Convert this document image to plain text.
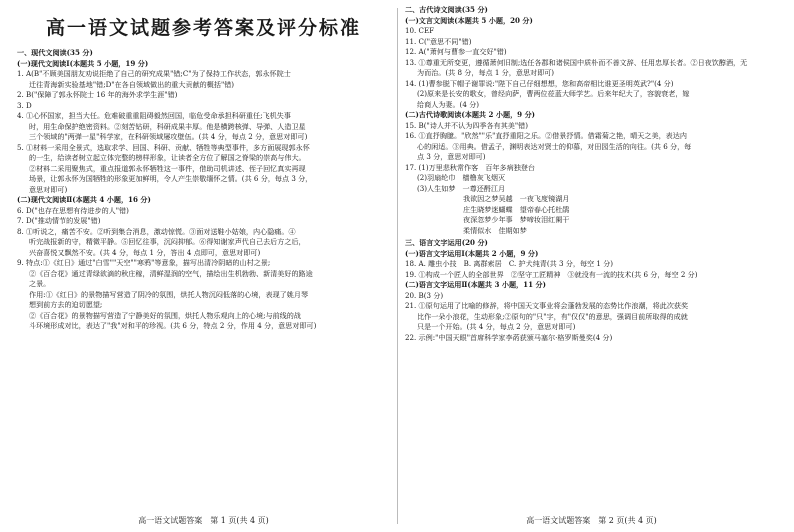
高一语文试题参考答案及评分标准
一、现代文阅读(35 分)
(一)现代文阅读Ⅰ(本题共 5 小题，19 分)
1. A(B"不顾美国朋友劝说拒绝了自己的研究成果"错;C"为了保持工作状态，郭永怀院士
迁往青海新实验基地"错;D"在各自领域做出的重大贡献的概括"错)
2. B("保障了郭永怀院士 16 年的海外求学生涯"错)
3. D
4. ①心怀国家，担当大任。危难破重重阻碍毅然回国，临危受命承担科研重任;飞机失事
时，用生命保护绝密资料。②刻苦钻研，科研成果丰厚。他是横跨核弹、导弹、人造卫星
三个领域的"两弹一星"科学家，在科研领域屡攻壁伍。(共 4 分，每点 2 分，意思对即可)
5. ①材料一采用全景式，选取求学、回国、科研、贡献、牺牲等典型事件，多方面展现郭永怀
的一生，给读者树立起立体完整的榜样形象，让读者全方位了解国之脊梁的崇高与伟大。
②材料二采用聚焦式，重点报道郭永怀牺牲这一事件，借助司机讲述、侄子回忆真实再现
场景，让郭永怀为国牺牲的形象更加鲜明，令人产生崇敬缅怀之情。(共 6 分，每点 3 分，
意思对即可)
(二)现代文阅读Ⅱ(本题共 4 小题，16 分)
6. D("也存在思想有待进步的人"错)
7. D("推动情节的发展"错)
8. ①听说之，痛苦不安。②听到集合消息，激动惊慌。③面对送鞋小姑娘，内心隐痛。④
听完战报新的守，精微平静。⑤回忆往事，沉闷抑郁。⑥得知谢家声代自己去后方之后，
兴奋喜悦又飘然不安。(共 4 分，每点 1 分，答出 4 点即可，意思对即可)
9. 特点:①《红日》通过"白雪""天空""寒鸦"等意象，描写出清冷阴暗的山村之景;
②《百合花》通过青绿欲滴的秋庄稼，清鲜湿润的空气，描绘出生机勃勃、新清美好的路途
之景。
作用:①《红日》的景物描写营造了阴冷的氛围，烘托人物沉闷低落的心境，表现了姚月琴
想到前方去的迫切愿望;
②《百合花》的景物描写营造了宁静美好的氛围，烘托人物乐观向上的心境;与前线的战
斗环境形成对比，表达了"我"对和平的珍视。(共 6 分，特点 2 分，作用 4 分，意思对即可)
高一语文试题答案　第 1 页(共 4 页)
二、古代诗文阅读(35 分)
(一)文言文阅读(本题共 5 小题，20 分)
10. CEF
11. C("意思不同"错)
12. A("萧何与曹参一直交好"错)
13. ①尊重无所变更，遵循萧何旧制;选任各郡和诸侯国中质朴而不善文辞、任用忠厚长者。②日夜饮醇酒，无
为而治。(共 8 分，每点 1 分，意思对即可)
14. (1)曹参脱下帽子谢罪说:"陛下自己仔细想想，您和高帝相比谁更圣明英武?"(4 分)
(2)原来是长安的歌女，曾经向萨，曹两位莅蓝大师学艺。后来年纪大了，容貌衰老，嫁
给商人为妻。(4 分)
(二)古代诗歌阅读(本题共 2 小题，9 分)
15. B("诗人并不认为四季各有其美"错)
16. ①直抒胸臆。"欣然""乐"直抒重阳之乐。②借景抒情。借霜菊之艳，晴天之美，表达内
心的闲适。③用典。借孟子，渊明表达对贤士的仰慕，对田园生活的向往。(共 6 分，每
点 3 分，意思对即可)
17. (1)万里悲秋常作客　百年多病独登台
(2)羽扇纶巾　樯橹灰飞烟灭
(3)人生如梦　一尊还酹江月
我欲因之梦吴越　一夜飞度镜湖月
庄生晓梦迷蝴蝶　望帝春心托杜鹃
夜深忽梦少年事　梦啼妆泪红阑干
柔情似水　佳期如梦
三、语言文字运用(20 分)
(一)语言文字运用Ⅰ(本题共 2 小题，9 分)
18. A. 雕虫小技　B. 离群索居　C. 护犬纯青(共 3 分，每空 1 分)
19. ①构成一个匠人的全部世界　②坚守工匠精神　③就没有一流的技术(共 6 分，每空 2 分)
(二)语言文字运用Ⅱ(本题共 3 小题，11 分)
20. B(3 分)
21. ①原句运用了比喻的修辞，将中国天文事业将会蓬勃发展的态势比作浪潮，将此次获奖
比作一朵小浪花，生动形象;②原句的"只"字，有"仅仅"的意思，强调目前所取得的成就
只是一个开始。(共 4 分，每点 2 分，意思对即可)
22. 示例:"中国天眼"首席科学家李菂获颁马塞尔·格罗斯曼奖(4 分)
高一语文试题答案　第 2 页(共 4 页)
